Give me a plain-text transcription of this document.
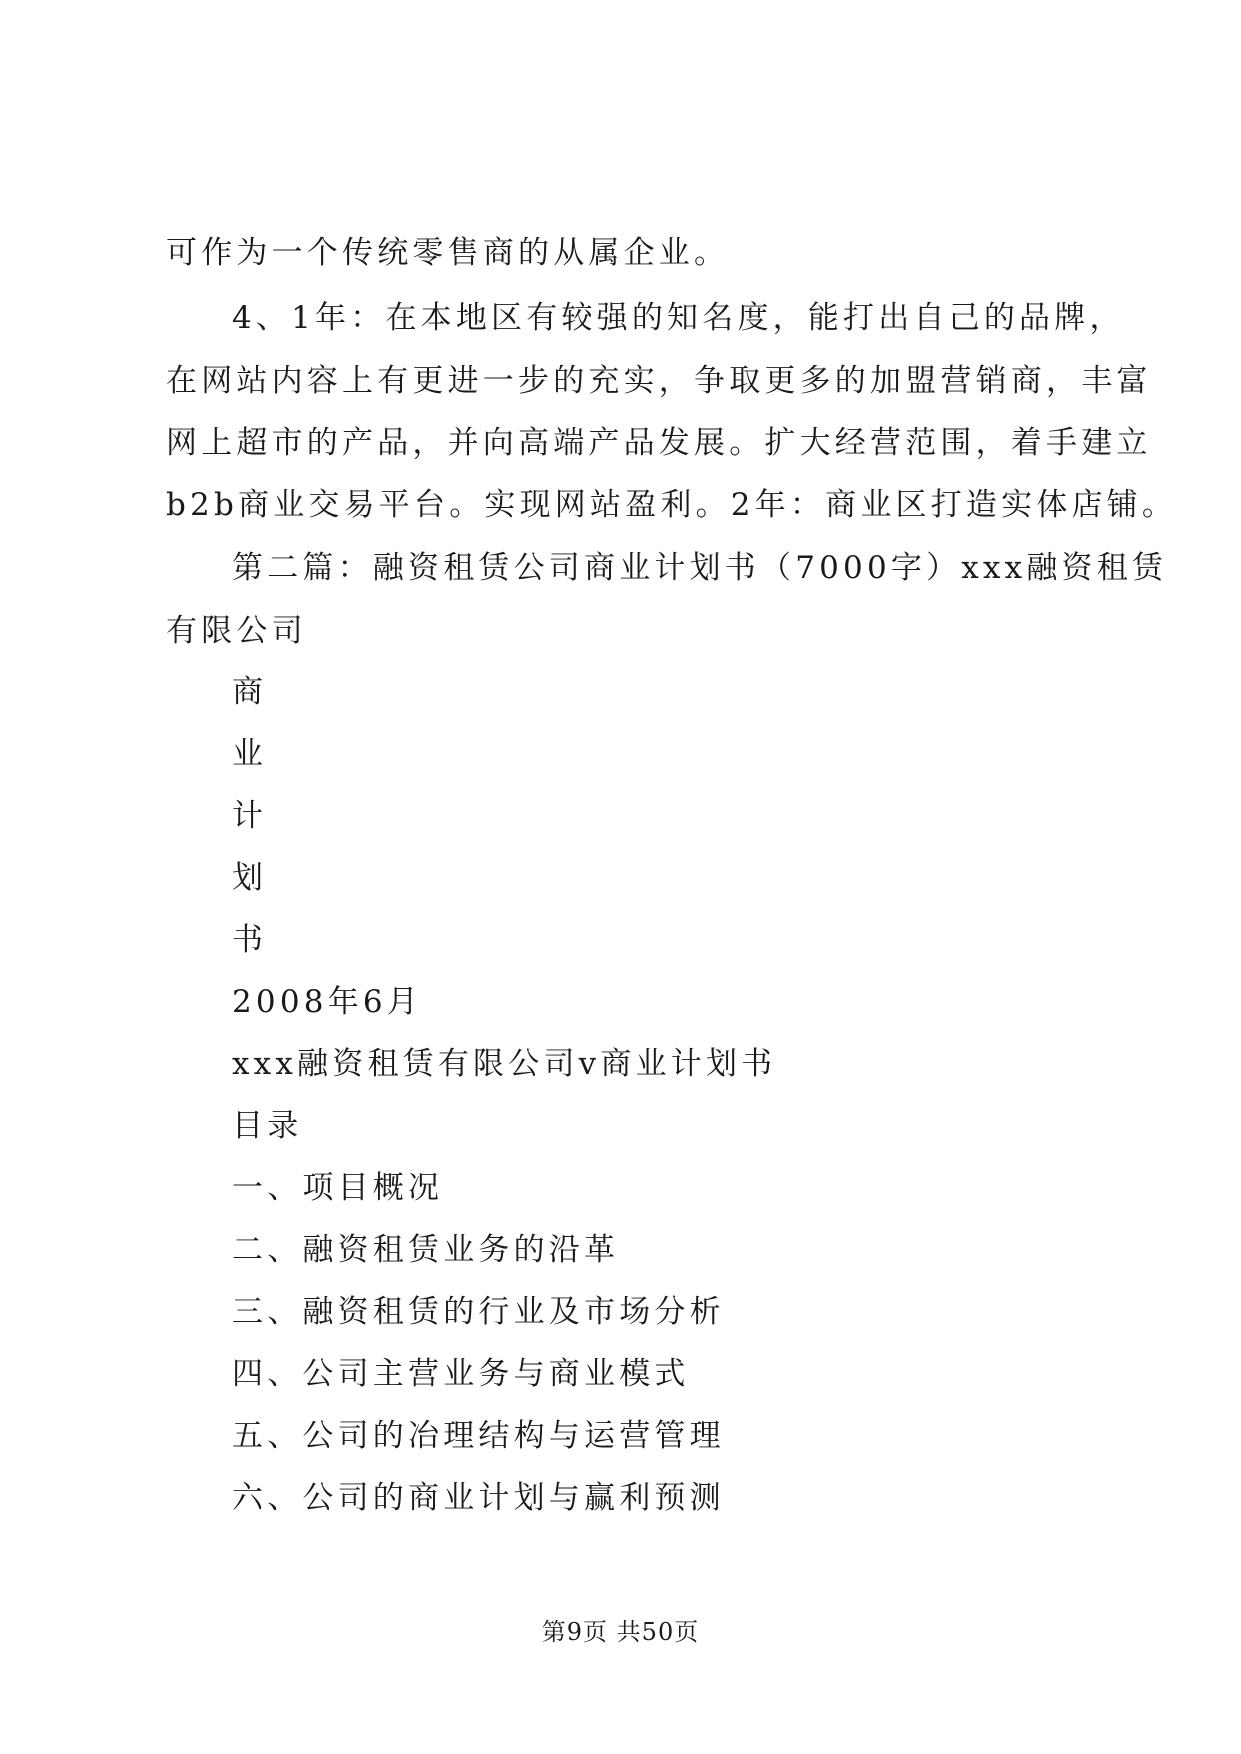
可作为一个传统零售商的从属企业。
4、1年：在本地区有较强的知名度，能打出自己的品牌，
在网站内容上有更进一步的充实，争取更多的加盟营销商，丰富
网上超市的产品，并向高端产品发展。扩大经营范围，着手建立
b2b商业交易平台。实现网站盈利。2年：商业区打造实体店铺。
第二篇：融资租赁公司商业计划书（7000字）xxx融资租赁
有限公司
商
业
计
划
书
2008年6月
xxx融资租赁有限公司v商业计划书
目录
一、项目概况
二、融资租赁业务的沿革
三、融资租赁的行业及市场分析
四、公司主营业务与商业模式
五、公司的冶理结构与运营管理
六、公司的商业计划与赢利预测
第9页 共50页
